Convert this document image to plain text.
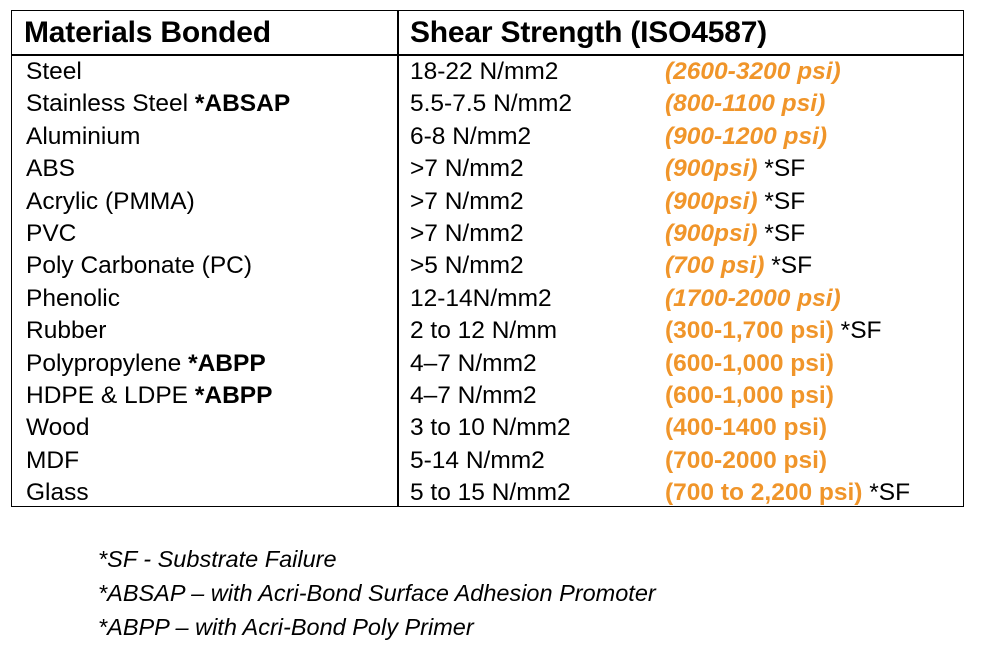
Materials Bonded	Shear Strength (ISO4587)
Steel	18-22 N/mm2	(2600-3200 psi)
Stainless Steel *ABSAP	5.5-7.5 N/mm2	(800-1100 psi)
Aluminium	6-8 N/mm2	(900-1200 psi)
ABS	>7 N/mm2	(900psi) *SF
Acrylic (PMMA)	>7 N/mm2	(900psi) *SF
PVC	>7 N/mm2	(900psi) *SF
Poly Carbonate (PC)	>5 N/mm2	(700 psi) *SF
Phenolic	12-14N/mm2	(1700-2000 psi)
Rubber	2 to 12 N/mm	(300-1,700 psi) *SF
Polypropylene *ABPP	4–7 N/mm2	(600-1,000 psi)
HDPE & LDPE *ABPP	4–7 N/mm2	(600-1,000 psi)
Wood	3 to 10 N/mm2	(400-1400 psi)
MDF	5-14 N/mm2	(700-2000 psi)
Glass	5 to 15 N/mm2	(700 to 2,200 psi) *SF
*SF - Substrate Failure
*ABSAP – with Acri-Bond Surface Adhesion Promoter
*ABPP – with Acri-Bond Poly Primer
